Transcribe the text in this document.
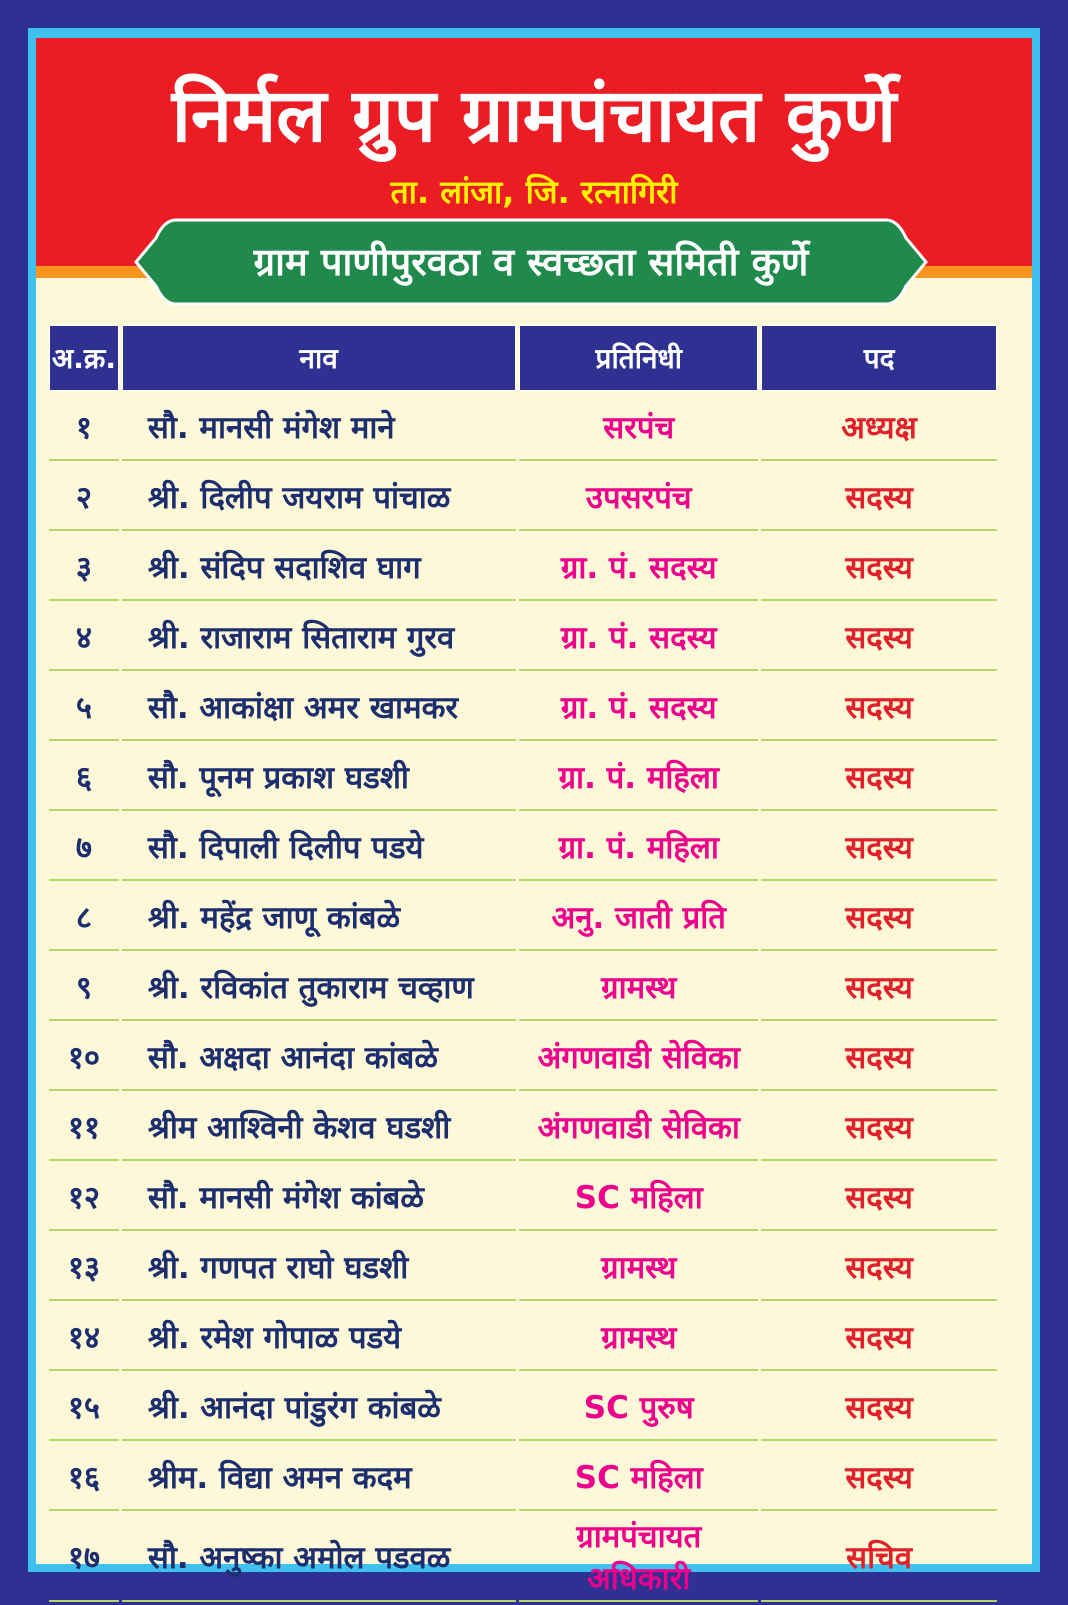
निर्मल ग्रुप ग्रामपंचायत कुर्णे
ता. लांजा, जि. रत्नागिरी
ग्राम पाणीपुरवठा व स्वच्छता समिती कुर्णे
अ.क्र.	नाव	प्रतिनिधी	पद
१	सौ. मानसी मंगेश माने	सरपंच	अध्यक्ष
२	श्री. दिलीप जयराम पांचाळ	उपसरपंच	सदस्य
३	श्री. संदिप सदाशिव घाग	ग्रा. पं. सदस्य	सदस्य
४	श्री. राजाराम सिताराम गुरव	ग्रा. पं. सदस्य	सदस्य
५	सौ. आकांक्षा अमर खामकर	ग्रा. पं. सदस्य	सदस्य
६	सौ. पूनम प्रकाश घडशी	ग्रा. पं. महिला	सदस्य
७	सौ. दिपाली दिलीप पडये	ग्रा. पं. महिला	सदस्य
८	श्री. महेंद्र जाणू कांबळे	अनु. जाती प्रति	सदस्य
९	श्री. रविकांत तुकाराम चव्हाण	ग्रामस्थ	सदस्य
१०	सौ. अक्षदा आनंदा कांबळे	अंगणवाडी सेविका	सदस्य
११	श्रीम आश्विनी केशव घडशी	अंगणवाडी सेविका	सदस्य
१२	सौ. मानसी मंगेश कांबळे	SC महिला	सदस्य
१३	श्री. गणपत राघो घडशी	ग्रामस्थ	सदस्य
१४	श्री. रमेश गोपाळ पडये	ग्रामस्थ	सदस्य
१५	श्री. आनंदा पांडुरंग कांबळे	SC पुरुष	सदस्य
१६	श्रीम. विद्या अमन कदम	SC महिला	सदस्य
१७	सौ. अनुष्का अमोल पडवळ	ग्रामपंचायत अधिकारी	सचिव
